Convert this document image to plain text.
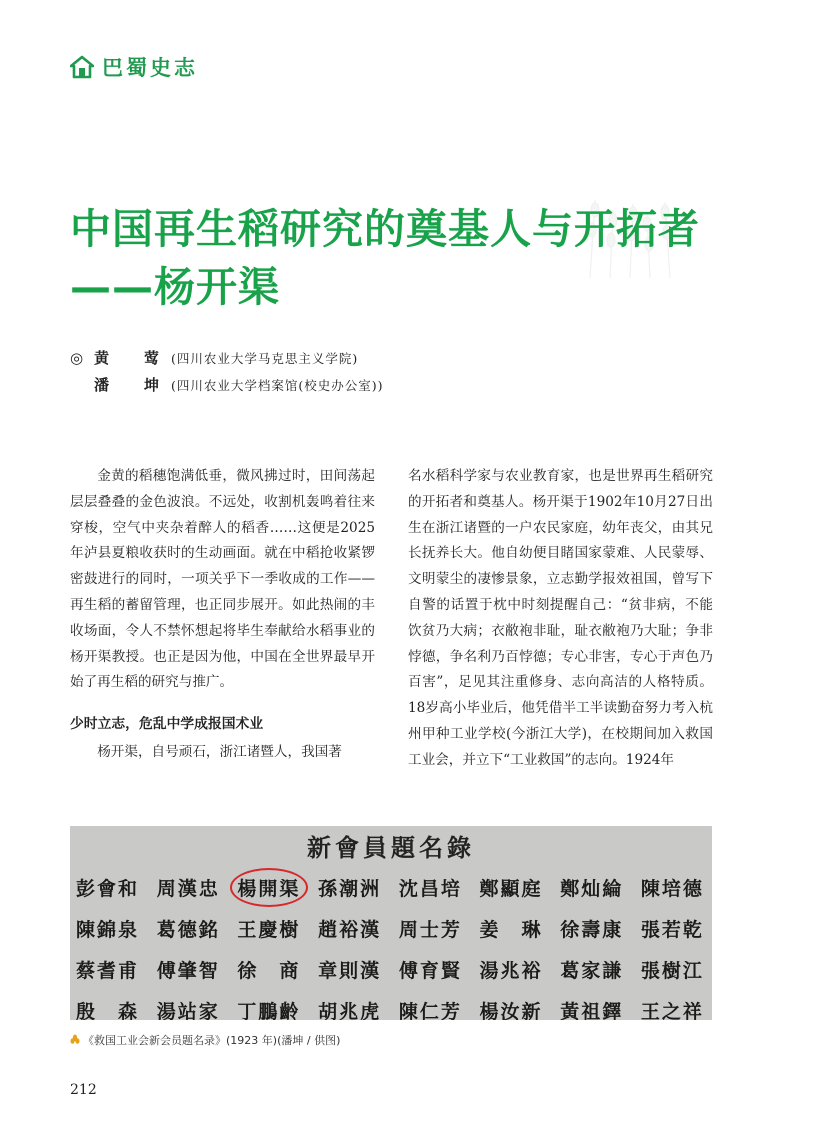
巴蜀史志
中国再生稻研究的奠基人与开拓者
——杨开渠
◎ 黄　莺 (四川农业大学马克思主义学院)
潘　坤 (四川农业大学档案馆(校史办公室))

金黄的稻穗饱满低垂，微风拂过时，田间荡起层层叠叠的金色波浪。不远处，收割机轰鸣着往来穿梭，空气中夹杂着醉人的稻香……这便是2025年泸县夏粮收获时的生动画面。就在中稻抢收紧锣密鼓进行的同时，一项关乎下一季收成的工作——再生稻的蓄留管理，也正同步展开。如此热闹的丰收场面，令人不禁怀想起将毕生奉献给水稻事业的杨开渠教授。也正是因为他，中国在全世界最早开始了再生稻的研究与推广。

少时立志，危乱中学成报国术业

杨开渠，自号顽石，浙江诸暨人，我国著

名水稻科学家与农业教育家，也是世界再生稻研究的开拓者和奠基人。杨开渠于1902年10月27日出生在浙江诸暨的一户农民家庭，幼年丧父，由其兄长抚养长大。他自幼便目睹国家蒙难、人民蒙辱、文明蒙尘的凄惨景象，立志勤学报效祖国，曾写下自警的话置于枕中时刻提醒自己：“贫非病，不能饮贫乃大病；衣敝袍非耻，耻衣敝袍乃大耻；争非悖德，争名利乃百悖德；专心非害，专心于声色乃百害”，足见其注重修身、志向高洁的人格特质。18岁高小毕业后，他凭借半工半读勤奋努力考入杭州甲种工业学校(今浙江大学)，在校期间加入救国工业会，并立下“工业救国”的志向。1924年

新會員題名錄
彭會和 周漢忠 楊開渠 孫潮洲 沈昌培 鄭顯庭 鄭灿綸 陳培德
陳錦泉 葛德銘 王慶樹 趙裕漢 周士芳 姜　琳 徐壽康 張若乾
蔡耆甫 傅肇智 徐　商 章則漢 傅育賢 湯兆裕 葛家謙 張樹江
殷　森 湯站家 丁鵬齡 胡兆虎 陳仁芳 楊汝新 黃祖鐸 王之祥
《救国工业会新会员题名录》(1923 年)(潘坤 / 供图)
212
